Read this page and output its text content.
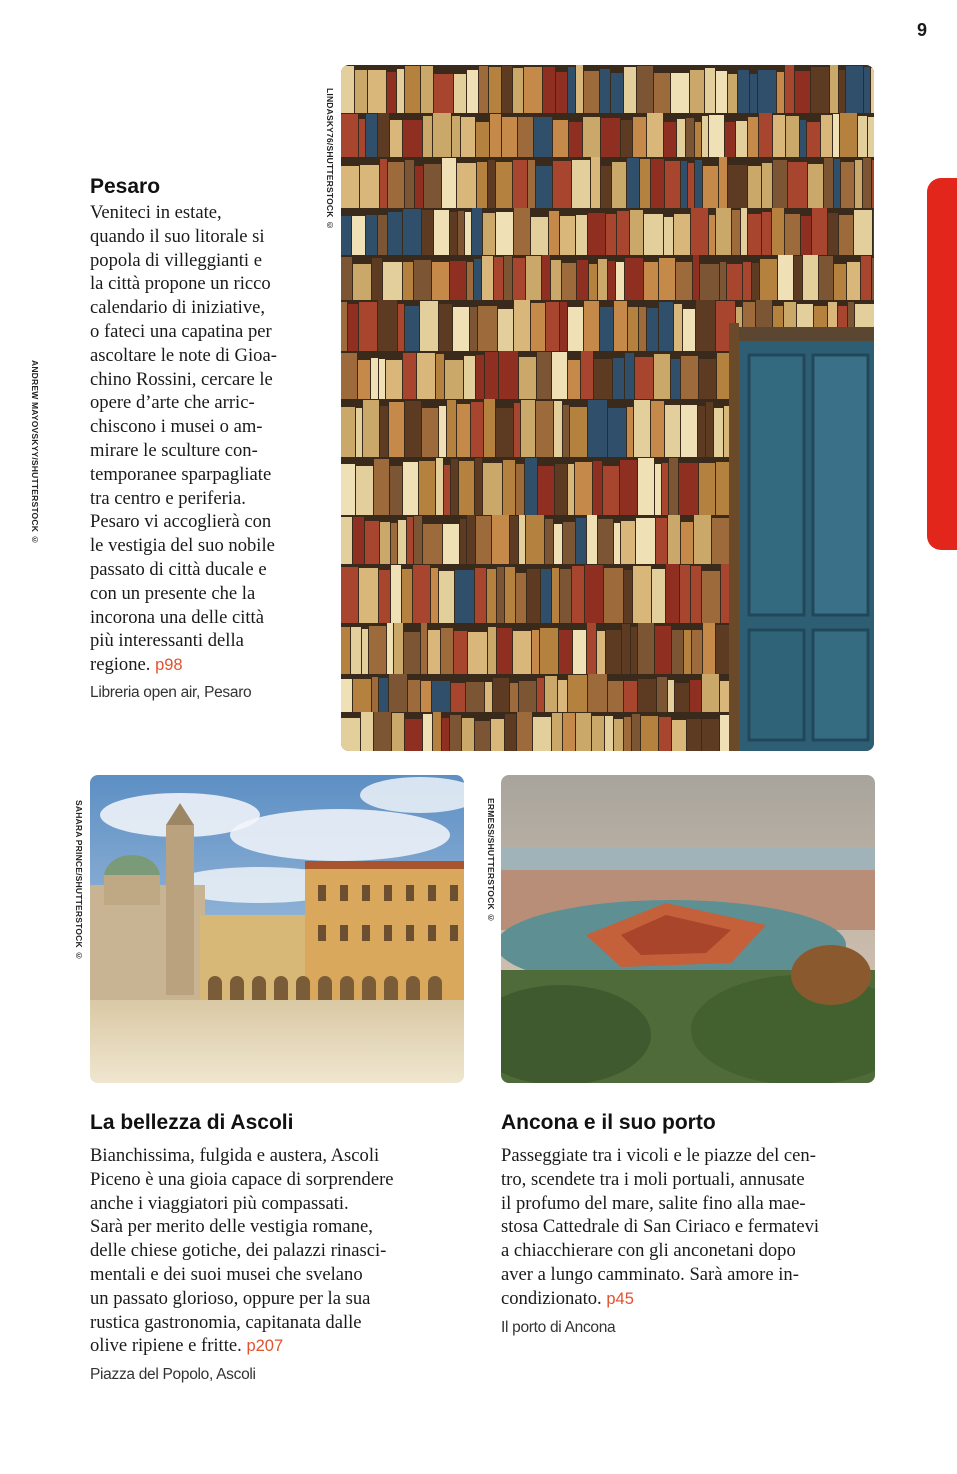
9
LINDASKY76/SHUTTERSTOCK ©
ANDREW MAYOVSKYY/SHUTTERSTOCK ©
SAHARA PRINCE/SHUTTERSTOCK ©	ERMESS/SHUTTERSTOCK ©
Pesaro
Veniteci in estate,
quando il suo litorale si
popola di villeggianti e
la città propone un ricco
calendario di iniziative,
o fateci una capatina per
ascoltare le note di Gioa-
chino Rossini, cercare le
opere d’arte che arric-
chiscono i musei o am-
mirare le sculture con-
temporanee sparpagliate
tra centro e periferia.
Pesaro vi accoglierà con
le vestigia del suo nobile
passato di città ducale e
con un presente che la
incorona una delle città
più interessanti della
regione. p98
Libreria open air, Pesaro
La bellezza di Ascoli
Bianchissima, fulgida e austera, Ascoli
Piceno è una gioia capace di sorprendere
anche i viaggiatori più compassati.
Sarà per merito delle vestigia romane,
delle chiese gotiche, dei palazzi rinasci-
mentali e dei suoi musei che svelano
un passato glorioso, oppure per la sua
rustica gastronomia, capitanata dalle
olive ripiene e fritte. p207
Piazza del Popolo, Ascoli
Ancona e il suo porto
Passeggiate tra i vicoli e le piazze del cen-
tro, scendete tra i moli portuali, annusate
il profumo del mare, salite fino alla mae-
stosa Cattedrale di San Ciriaco e fermatevi
a chiacchierare con gli anconetani dopo
aver a lungo camminato. Sarà amore in-
condizionato. p45
Il porto di Ancona
